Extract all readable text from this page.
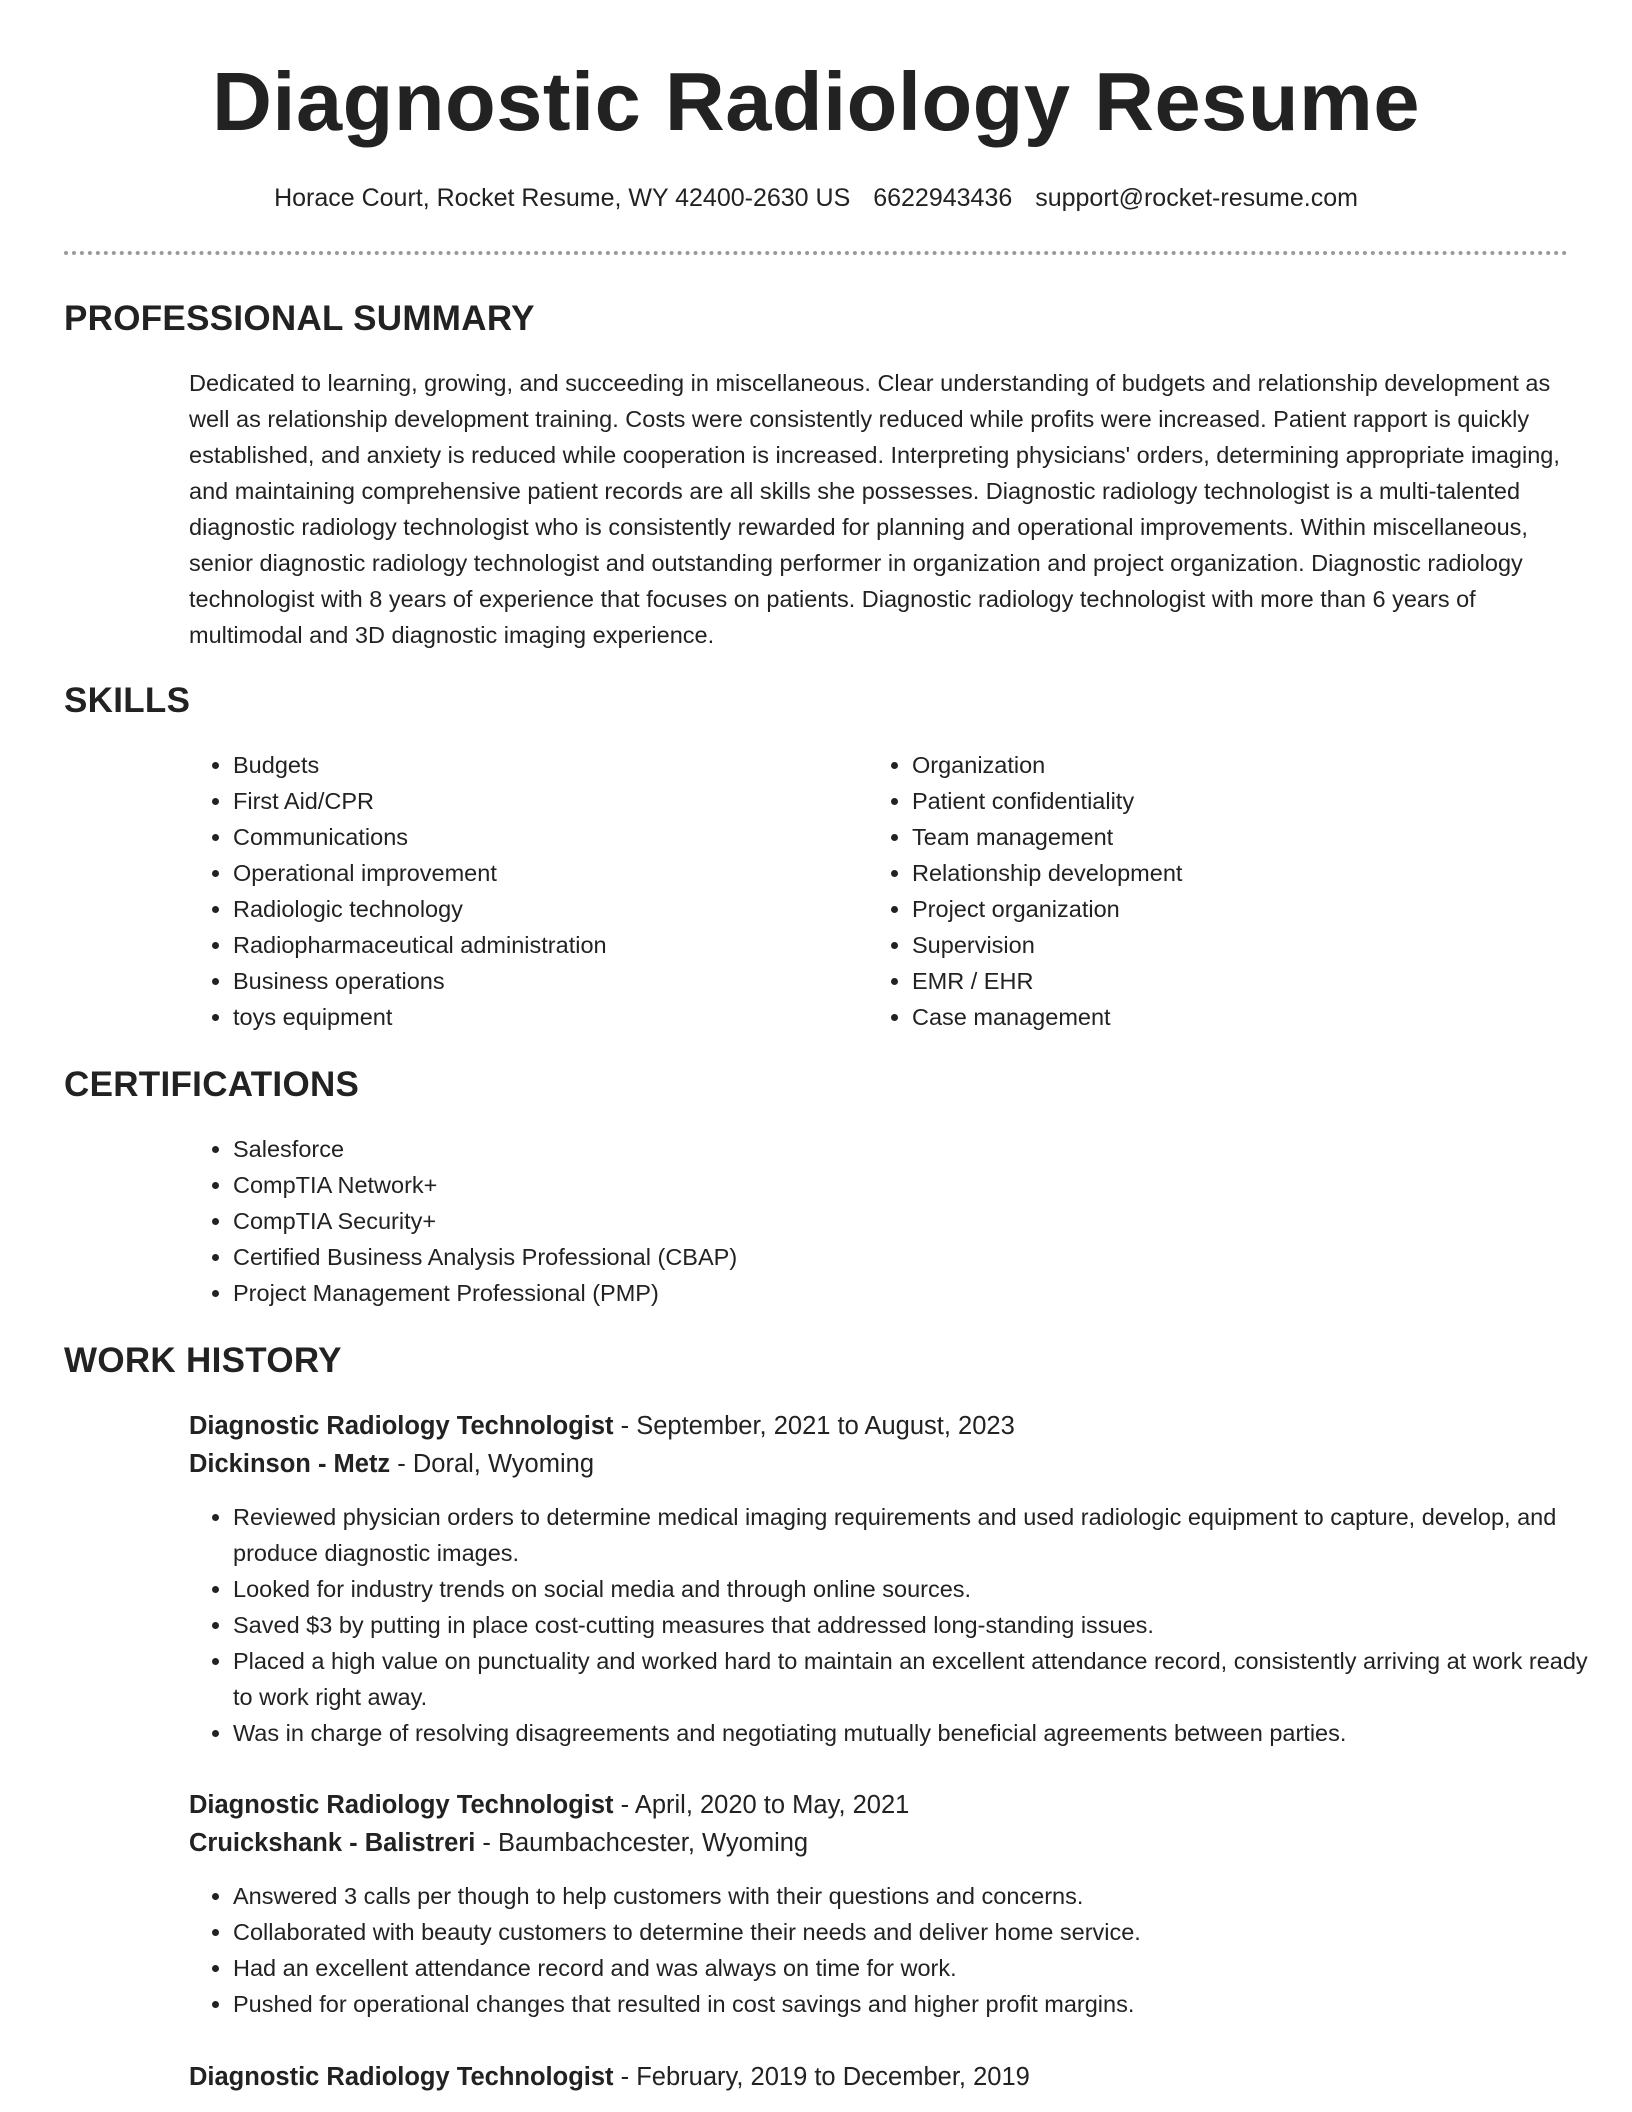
Diagnostic Radiology Resume
Horace Court, Rocket Resume, WY 42400-2630 US 6622943436 support@rocket-resume.com
PROFESSIONAL SUMMARY

Dedicated to learning, growing, and succeeding in miscellaneous. Clear understanding of budgets and relationship development as well as relationship development training. Costs were consistently reduced while profits were increased. Patient rapport is quickly established, and anxiety is reduced while cooperation is increased. Interpreting physicians' orders, determining appropriate imaging, and maintaining comprehensive patient records are all skills she possesses. Diagnostic radiology technologist is a multi-talented diagnostic radiology technologist who is consistently rewarded for planning and operational improvements. Within miscellaneous, senior diagnostic radiology technologist and outstanding performer in organization and project organization. Diagnostic radiology technologist with 8 years of experience that focuses on patients. Diagnostic radiology technologist with more than 6 years of multimodal and 3D diagnostic imaging experience.

SKILLS
• Budgets
• First Aid/CPR
• Communications
• Operational improvement
• Radiologic technology
• Radiopharmaceutical administration
• Business operations
• toys equipment
• Organization
• Patient confidentiality
• Team management
• Relationship development
• Project organization
• Supervision
• EMR / EHR
• Case management
CERTIFICATIONS
• Salesforce
• CompTIA Network+
• CompTIA Security+
• Certified Business Analysis Professional (CBAP)
• Project Management Professional (PMP)
WORK HISTORY
Diagnostic Radiology Technologist - September, 2021 to August, 2023
Dickinson - Metz - Doral, Wyoming
• Reviewed physician orders to determine medical imaging requirements and used radiologic equipment to capture, develop, and produce diagnostic images.
• Looked for industry trends on social media and through online sources.
• Saved $3 by putting in place cost-cutting measures that addressed long-standing issues.
• Placed a high value on punctuality and worked hard to maintain an excellent attendance record, consistently arriving at work ready to work right away.
• Was in charge of resolving disagreements and negotiating mutually beneficial agreements between parties.
Diagnostic Radiology Technologist - April, 2020 to May, 2021
Cruickshank - Balistreri - Baumbachcester, Wyoming
• Answered 3 calls per though to help customers with their questions and concerns.
• Collaborated with beauty customers to determine their needs and deliver home service.
• Had an excellent attendance record and was always on time for work.
• Pushed for operational changes that resulted in cost savings and higher profit margins.
Diagnostic Radiology Technologist - February, 2019 to December, 2019
